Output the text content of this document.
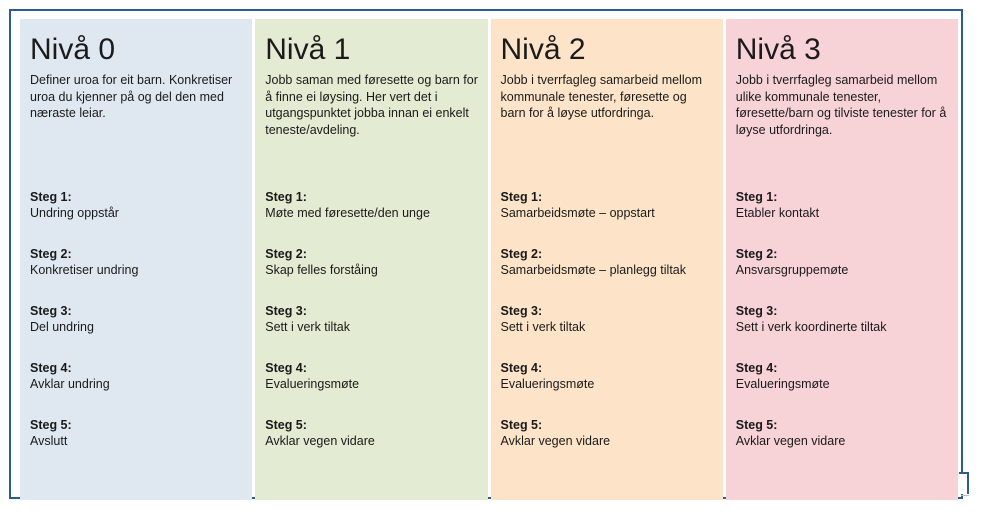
Nivå 0

Definer uroa for eit barn. Konkretiser uroa du kjenner på og del den med næraste leiar.

Steg 1:
Undring oppstår
Steg 2:
Konkretiser undring
Steg 3:
Del undring
Steg 4:
Avklar undring
Steg 5:
Avslutt
Nivå 1

Jobb saman med føresette og barn for å finne ei løysing. Her vert det i utgangspunktet jobba innan ei enkelt teneste/avdeling.

Steg 1:
Møte med føresette/den unge
Steg 2:
Skap felles forståing
Steg 3:
Sett i verk tiltak
Steg 4:
Evalueringsmøte
Steg 5:
Avklar vegen vidare
Nivå 2

Jobb i tverrfagleg samarbeid mellom kommunale tenester, føresette og barn for å løyse utfordringa.

Steg 1:
Samarbeidsmøte – oppstart
Steg 2:
Samarbeidsmøte – planlegg tiltak
Steg 3:
Sett i verk tiltak
Steg 4:
Evalueringsmøte
Steg 5:
Avklar vegen vidare
Nivå 3

Jobb i tverrfagleg samarbeid mellom ulike kommunale tenester, føresette/barn og tilviste tenester for å løyse utfordringa.

Steg 1:
Etabler kontakt
Steg 2:
Ansvarsgruppemøte
Steg 3:
Sett i verk koordinerte tiltak
Steg 4:
Evalueringsmøte
Steg 5:
Avklar vegen vidare
